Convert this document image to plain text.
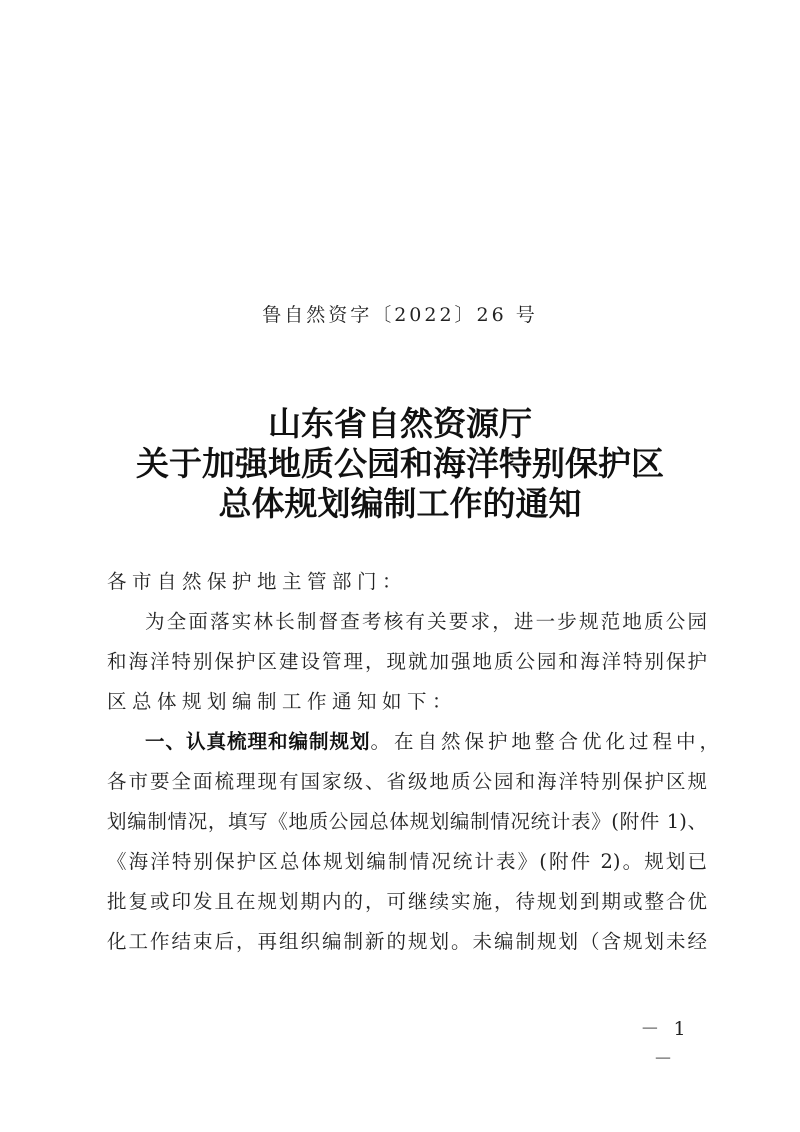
鲁自然资字〔2022〕26 号
山东省自然资源厅
关于加强地质公园和海洋特别保护区
总体规划编制工作的通知
各市自然保护地主管部门：
为​全​面​落​实​林​长​制​督​查​考​核​有​关​要​求​，​进​一​步​规​范​地​质​公​园
和​海​洋​特​别​保​护​区​建​设​管​理​，​现​就​加​强​地​质​公​园​和​海​洋​特​别​保​护
区总体规划编制工作通知如下：
一、认真梳理和编制规划。在自然保护地整合优化过程中，
各​市​要​全​面​梳​理​现​有​国​家​级​、​省​级​地​质​公​园​和​海​洋​特​别​保​护​区​规
划​编​制​情​况​，​填​写​《​地​质​公​园​总​体​规​划​编​制​情​况​统​计​表​》​(​附​件​ ​1​)​、
《​海​洋​特​别​保​护​区​总​体​规​划​编​制​情​况​统​计​表​》​(​附​件​ ​2​)​。​规​划​已
批​复​或​印​发​且​在​规​划​期​内​的​，​可​继​续​实​施​，​待​规​划​到​期​或​整​合​优
化​工​作​结​束​后​，​再​组​织​编​制​新​的​规​划​。​未​编​制​规​划​（​含​规​划​未​经
－ 1 －
